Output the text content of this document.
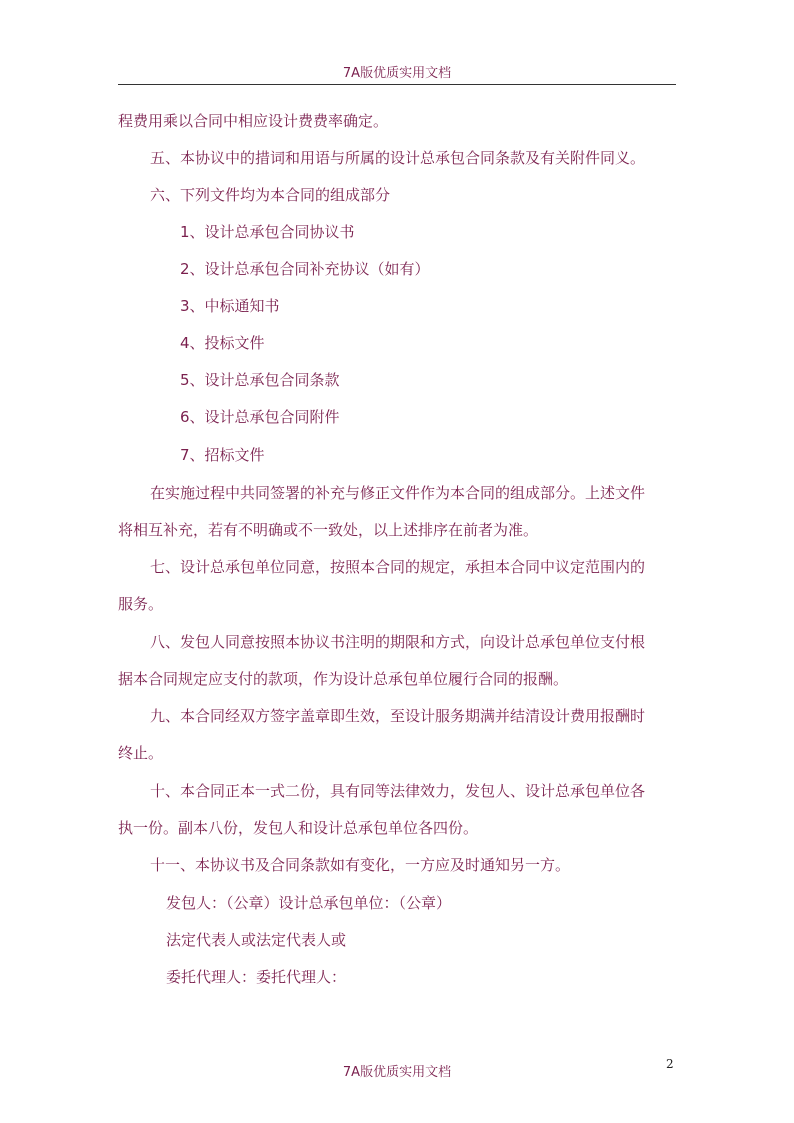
7A版优质实用文档
程费用乘以合同中相应设计费费率确定。
五、本协议中的措词和用语与所属的设计总承包合同条款及有关附件同义。
六、下列文件均为本合同的组成部分
1、设计总承包合同协议书
2、设计总承包合同补充协议（如有）
3、中标通知书
4、投标文件
5、设计总承包合同条款
6、设计总承包合同附件
7、招标文件
在实施过程中共同签署的补充与修正文件作为本合同的组成部分。上述文件
将相互补充，若有不明确或不一致处，以上述排序在前者为准。
七、设计总承包单位同意，按照本合同的规定，承担本合同中议定范围内的
服务。
八、发包人同意按照本协议书注明的期限和方式，向设计总承包单位支付根
据本合同规定应支付的款项，作为设计总承包单位履行合同的报酬。
九、本合同经双方签字盖章即生效，至设计服务期满并结清设计费用报酬时
终止。
十、本合同正本一式二份，具有同等法律效力，发包人、设计总承包单位各
执一份。副本八份，发包人和设计总承包单位各四份。
十一、本协议书及合同条款如有变化，一方应及时通知另一方。
发包人：（公章）设计总承包单位：（公章）
法定代表人或法定代表人或
委托代理人：委托代理人：
7A版优质实用文档
2
